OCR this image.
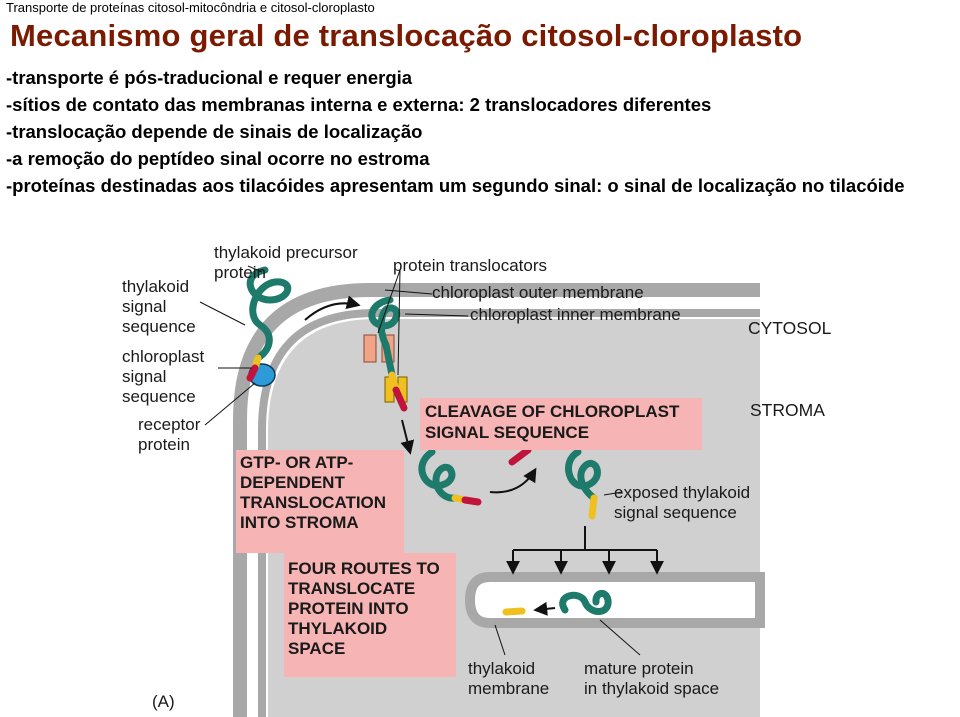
Transporte de proteínas citosol-mitocôndria e citosol-cloroplasto
Mecanismo geral de translocação citosol-cloroplasto
-transporte é pós-traducional e requer energia
-sítios de contato das membranas interna e externa: 2 translocadores diferentes
-translocação depende de sinais de localização
-a remoção do peptídeo sinal ocorre no estroma
-proteínas destinadas aos tilacóides apresentam um segundo sinal: o sinal de localização no tilacóide
CLEAVAGE OF CHLOROPLAST
SIGNAL SEQUENCE
GTP- OR ATP-
DEPENDENT
TRANSLOCATION
INTO STROMA
FOUR ROUTES TO
TRANSLOCATE
PROTEIN INTO
THYLAKOID
SPACE
thylakoid precursor
protein	protein translocators
chloroplast outer membrane
chloroplast inner membrane
CYTOSOL
STROMA
thylakoid
signal
sequence
chloroplast
signal
sequence
receptor
protein
exposed thylakoid
signal sequence
thylakoid
membrane
mature protein
in thylakoid space
(A)
